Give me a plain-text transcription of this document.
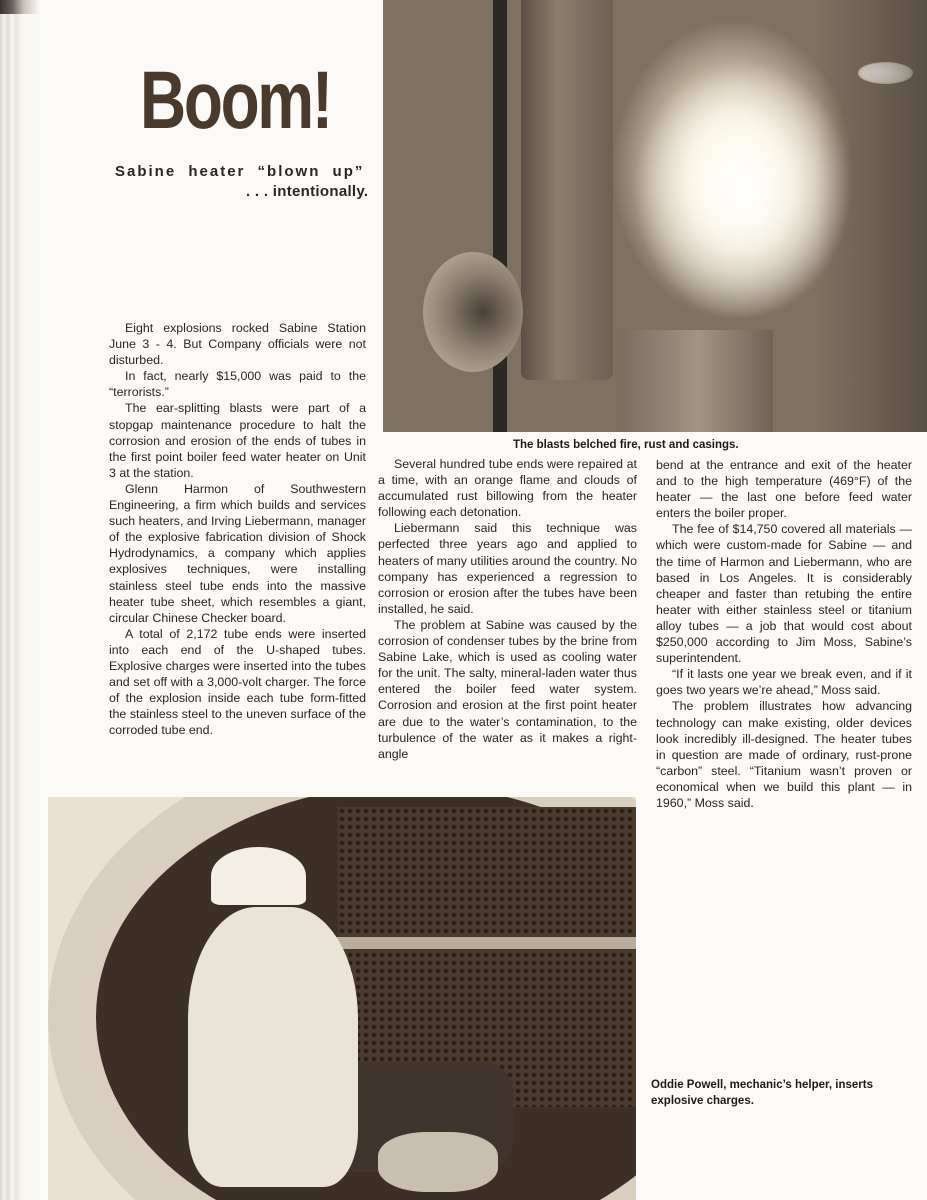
Boom!
Sabine heater “blown up”
. . . intentionally.
The blasts belched fire, rust and casings.

Eight explosions rocked Sabine Station June 3 - 4. But Company officials were not disturbed.

In fact, nearly $15,000 was paid to the “terrorists.”

The ear-splitting blasts were part of a stopgap maintenance procedure to halt the corrosion and erosion of the ends of tubes in the first point boiler feed water heater on Unit 3 at the station.

Glenn Harmon of Southwestern Engineering, a firm which builds and services such heaters, and Irving Liebermann, manager of the explosive fabrication division of Shock Hydrodynamics, a company which applies explosives techniques, were installing stainless steel tube ends into the massive heater tube sheet, which resembles a giant, circular Chinese Checker board.

A total of 2,172 tube ends were inserted into each end of the U-shaped tubes. Explosive charges were inserted into the tubes and set off with a 3,000-volt charger. The force of the explosion inside each tube form-fitted the stainless steel to the uneven surface of the corroded tube end.

Several hundred tube ends were repaired at a time, with an orange flame and clouds of accumulated rust billowing from the heater following each detonation.

Liebermann said this technique was perfected three years ago and applied to heaters of many utilities around the country. No company has experienced a regression to corrosion or erosion after the tubes have been installed, he said.

The problem at Sabine was caused by the corrosion of condenser tubes by the brine from Sabine Lake, which is used as cooling water for the unit. The salty, mineral-laden water thus entered the boiler feed water system. Corrosion and erosion at the first point heater are due to the water’s contamination, to the turbulence of the water as it makes a right-angle

bend at the entrance and exit of the heater and to the high temperature (469°F) of the heater — the last one before feed water enters the boiler proper.

The fee of $14,750 covered all materials — which were custom-made for Sabine — and the time of Harmon and Liebermann, who are based in Los Angeles. It is considerably cheaper and faster than retubing the entire heater with either stainless steel or titanium alloy tubes — a job that would cost about $250,000 according to Jim Moss, Sabine’s superintendent.

“If it lasts one year we break even, and if it goes two years we’re ahead,” Moss said.

The problem illustrates how advancing technology can make existing, older devices look incredibly ill-designed. The heater tubes in question are made of ordinary, rust-prone “carbon” steel. “Titanium wasn’t proven or economical when we build this plant — in 1960,” Moss said.

Oddie Powell, mechanic’s helper, inserts explosive charges.
